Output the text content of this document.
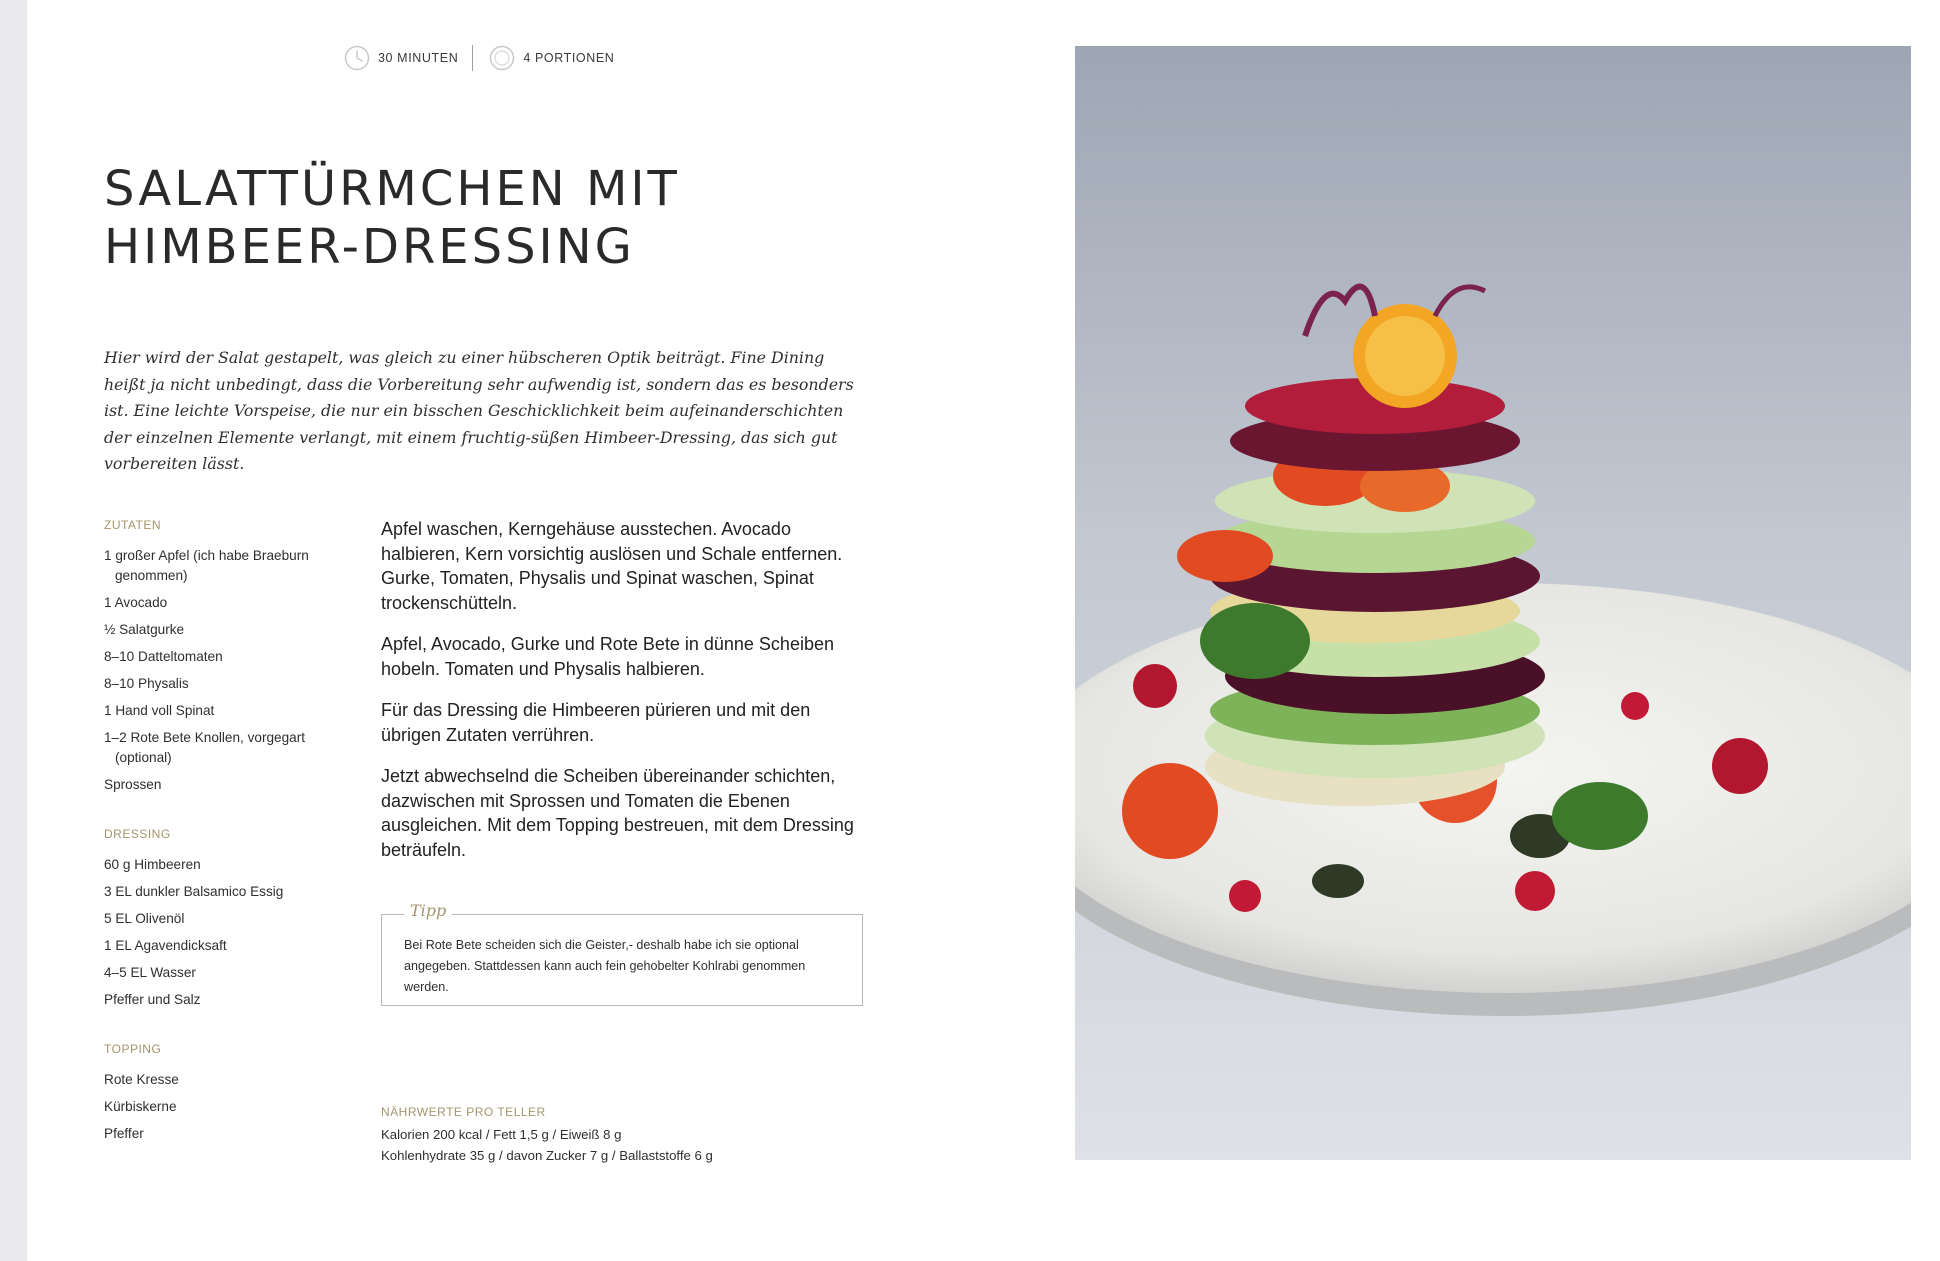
30 MINUTEN	4 PORTIONEN
SALATTÜRMCHEN MIT
HIMBEER-DRESSING

Hier wird der Salat gestapelt, was gleich zu einer hübscheren Optik beiträgt. Fine Dining heißt ja nicht unbedingt, dass die Vorbereitung sehr aufwendig ist, sondern das es besonders ist. Eine leichte Vorspeise, die nur ein bisschen Geschicklichkeit beim aufeinanderschichten der einzelnen Elemente verlangt, mit einem fruchtig-süßen Himbeer-Dressing, das sich gut vorbereiten lässt.

ZUTATEN
1 großer Apfel (ich habe Braeburn genommen)
1 Avocado
½ Salatgurke
8–10 Datteltomaten
8–10 Physalis
1 Hand voll Spinat
1–2 Rote Bete Knollen, vorgegart (optional)
Sprossen
DRESSING
60 g Himbeeren
3 EL dunkler Balsamico Essig
5 EL Olivenöl
1 EL Agavendicksaft
4–5 EL Wasser
Pfeffer und Salz
TOPPING
Rote Kresse
Kürbiskerne
Pfeffer

Apfel waschen, Kerngehäuse ausstechen. Avocado halbieren, Kern vorsichtig auslösen und Schale entfernen. Gurke, Tomaten, Physalis und Spinat waschen, Spinat trockenschütteln.

Apfel, Avocado, Gurke und Rote Bete in dünne Scheiben hobeln. Tomaten und Physalis halbieren.

Für das Dressing die Himbeeren pürieren und mit den übrigen Zutaten verrühren.

Jetzt abwechselnd die Scheiben übereinander schichten, dazwischen mit Sprossen und Tomaten die Ebenen ausgleichen. Mit dem Topping bestreuen, mit dem Dressing beträufeln.

Tipp
Bei Rote Bete scheiden sich die Geister,- deshalb habe ich sie optional angegeben. Stattdessen kann auch fein gehobelter Kohlrabi genommen werden.
NÄHRWERTE PRO TELLER
Kalorien 200 kcal / Fett 1,5 g / Eiweiß 8 g
Kohlenhydrate 35 g / davon Zucker 7 g / Ballaststoffe 6 g
